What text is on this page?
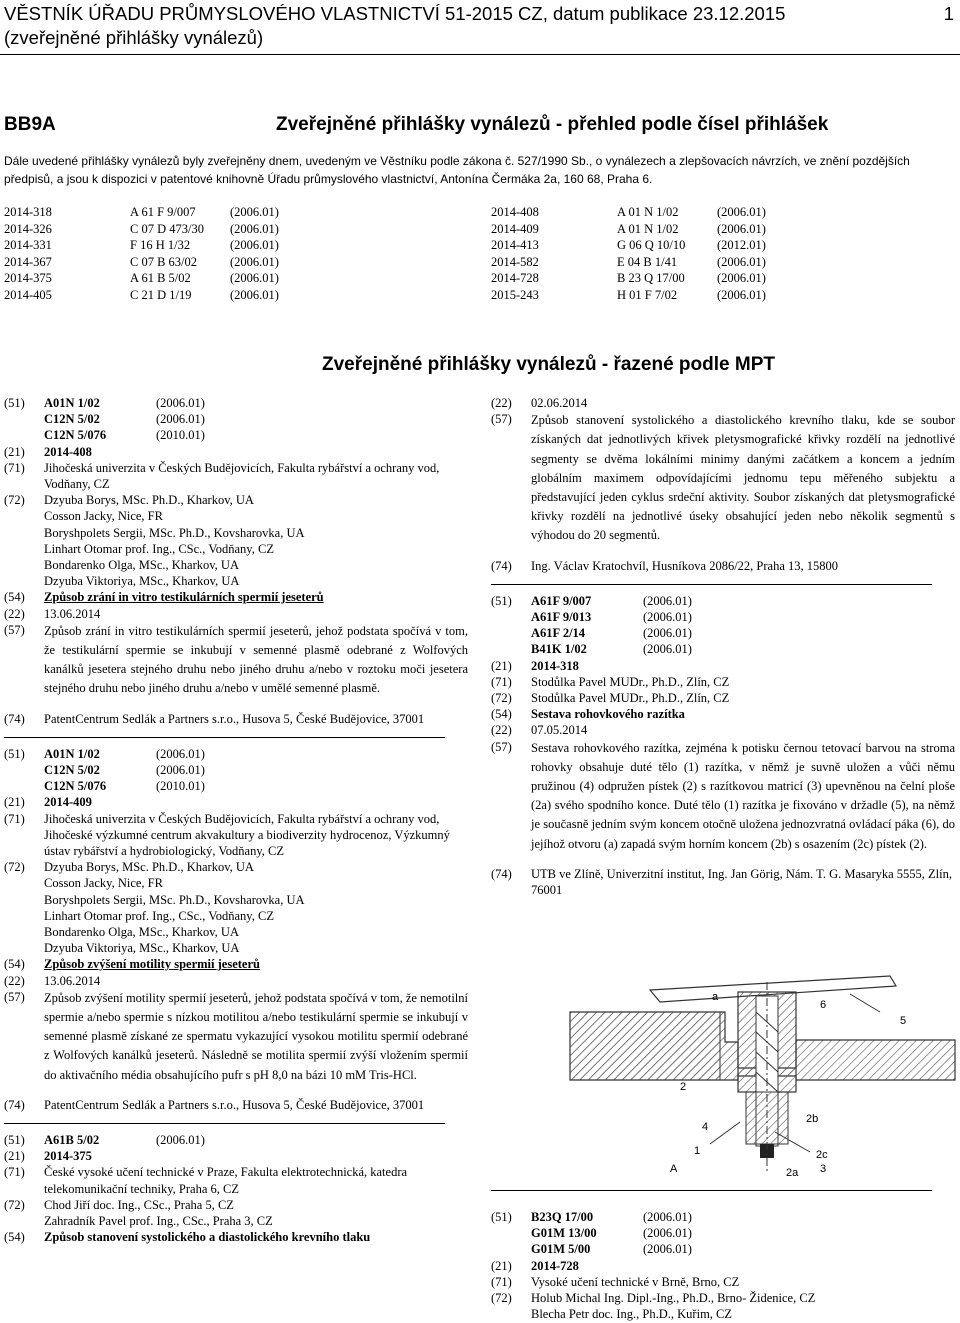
VĚSTNÍK ÚŘADU PRŮMYSLOVÉHO VLASTNICTVÍ 51-2015 CZ, datum publikace 23.12.2015
(zveřejněné přihlášky vynálezů)
1
BB9A	Zveřejněné přihlášky vynálezů - přehled podle čísel přihlášek
Dále uvedené přihlášky vynálezů byly zveřejněny dnem, uvedeným ve Věstníku podle zákona č. 527/1990 Sb., o vynálezech a zlepšovacích návrzích, ve znění pozdějších předpisů, a jsou k dispozici v patentové knihovně Úřadu průmyslového vlastnictví, Antonína Čermáka 2a, 160 68, Praha 6.
2014-318	A 61 F 9/007	(2006.01)
2014-326	C 07 D 473/30 (2006.01)
2014-331	F 16 H 1/32	(2006.01)
2014-367	C 07 B 63/02	(2006.01)
2014-375	A 61 B 5/02	(2006.01)
2014-405	C 21 D 1/19	(2006.01)
2014-408	A 01 N 1/02	(2006.01)
2014-409	A 01 N 1/02	(2006.01)
2014-413	G 06 Q 10/10	(2012.01)
2014-582	E 04 B 1/41	(2006.01)
2014-728	B 23 Q 17/00	(2006.01)
2015-243	H 01 F 7/02	(2006.01)
Zveřejněné přihlášky vynálezů - řazené podle MPT
(51) A01N 1/02	(2006.01)
C12N 5/02	(2006.01)
C12N 5/076	(2010.01)
(21) 2014-408
(71) Jihočeská univerzita v Českých Budějovicích, Fakulta rybářství a ochrany vod, Vodňany, CZ
(72) Dzyuba Borys, MSc. Ph.D., Kharkov, UA
Cosson Jacky, Nice, FR
Boryshpolets Sergii, MSc. Ph.D., Kovsharovka, UA
Linhart Otomar prof. Ing., CSc., Vodňany, CZ
Bondarenko Olga, MSc., Kharkov, UA
Dzyuba Viktoriya, MSc., Kharkov, UA
(54) Způsob zrání in vitro testikulárních spermií jeseterů
(22) 13.06.2014
(57) Způsob zrání in vitro testikulárních spermií jeseterů, jehož podstata spočívá v tom, že testikulární spermie se inkubují v semenné plasmě odebrané z Wolfových kanálků jesetera stejného druhu nebo jiného druhu a/nebo v roztoku moči jesetera stejného druhu nebo jiného druhu a/nebo v umělé semenné plasmě.
(74) PatentCentrum Sedlák a Partners s.r.o., Husova 5, České Budějovice, 37001
(51) A01N 1/02	(2006.01)
C12N 5/02	(2006.01)
C12N 5/076	(2010.01)
(21) 2014-409
(71) Jihočeská univerzita v Českých Budějovicích, Fakulta rybářství a ochrany vod, Jihočeské výzkumné centrum akvakultury a biodiverzity hydrocenoz, Výzkumný ústav rybářství a hydrobiologický, Vodňany, CZ
(72) Dzyuba Borys, MSc. Ph.D., Kharkov, UA
Cosson Jacky, Nice, FR
Boryshpolets Sergii, MSc. Ph.D., Kovsharovka, UA
Linhart Otomar prof. Ing., CSc., Vodňany, CZ
Bondarenko Olga, MSc., Kharkov, UA
Dzyuba Viktoriya, MSc., Kharkov, UA
(54) Způsob zvýšení motility spermií jeseterů
(22) 13.06.2014
(57) Způsob zvýšení motility spermií jeseterů, jehož podstata spočívá v tom, že nemotilní spermie a/nebo spermie s nízkou motilitou a/nebo testikulární spermie se inkubují v semenné plasmě získané ze spermatu vykazující vysokou motilitu spermií odebrané z Wolfových kanálků jeseterů. Následně se motilita spermií zvýší vložením spermií do aktivačního média obsahujícího pufr s pH 8,0 na bázi 10 mM Tris-HCl.
(74) PatentCentrum Sedlák a Partners s.r.o., Husova 5, České Budějovice, 37001
(51) A61B 5/02	(2006.01)
(21) 2014-375
(71) České vysoké učení technické v Praze, Fakulta elektrotechnická, katedra telekomunikační techniky, Praha 6, CZ
(72) Chod Jiří doc. Ing., CSc., Praha 5, CZ
Zahradník Pavel prof. Ing., CSc., Praha 3, CZ
(54) Způsob stanovení systolického a diastolického krevního tlaku
(22) 02.06.2014
(57) Způsob stanovení systolického a diastolického krevního tlaku, kde se soubor získaných dat jednotlivých křivek pletysmografické křivky rozdělí na jednotlivé segmenty se dvěma lokálními minimy danými začátkem a koncem a jedním globálním maximem odpovídajícími jednomu tepu měřeného subjektu a představující jeden cyklus srdeční aktivity. Soubor získaných dat pletysmografické křivky rozdělí na jednotlivé úseky obsahující jeden nebo několik segmentů s výhodou do 20 segmentů.
(74) Ing. Václav Kratochvíl, Husníkova 2086/22, Praha 13, 15800
(51) A61F 9/007	(2006.01)
A61F 9/013	(2006.01)
A61F 2/14	(2006.01)
B41K 1/02	(2006.01)
(21) 2014-318
(71) Stodůlka Pavel MUDr., Ph.D., Zlín, CZ
(72) Stodůlka Pavel MUDr., Ph.D., Zlín, CZ
(54) Sestava rohovkového razítka
(22) 07.05.2014
(57) Sestava rohovkového razítka, zejména k potisku černou tetovací barvou na stroma rohovky obsahuje duté tělo (1) razítka, v němž je suvně uložen a vůči němu pružinou (4) odpružen pístek (2) s razítkovou matricí (3) upevněnou na čelní ploše (2a) svého spodního konce. Duté tělo (1) razítka je fixováno v držadle (5), na němž je současně jedním svým koncem otočně uložena jednozvratná ovládací páka (6), do jejíhož otvoru (a) zapadá svým horním koncem (2b) s osazením (2c) pístek (2).
(74) UTB ve Zlíně, Univerzitní institut, Ing. Jan Görig, Nám. T. G. Masaryka 5555, Zlín, 76001
6
5
a
2
4
1
2b
A
2c
3
2a
(51) B23Q 17/00	(2006.01)
G01M 13/00	(2006.01)
G01M 5/00	(2006.01)
(21) 2014-728
(71) Vysoké učení technické v Brně, Brno, CZ
(72) Holub Michal Ing. Dipl.-Ing., Ph.D., Brno- Židenice, CZ
Blecha Petr doc. Ing., Ph.D., Kuřim, CZ
